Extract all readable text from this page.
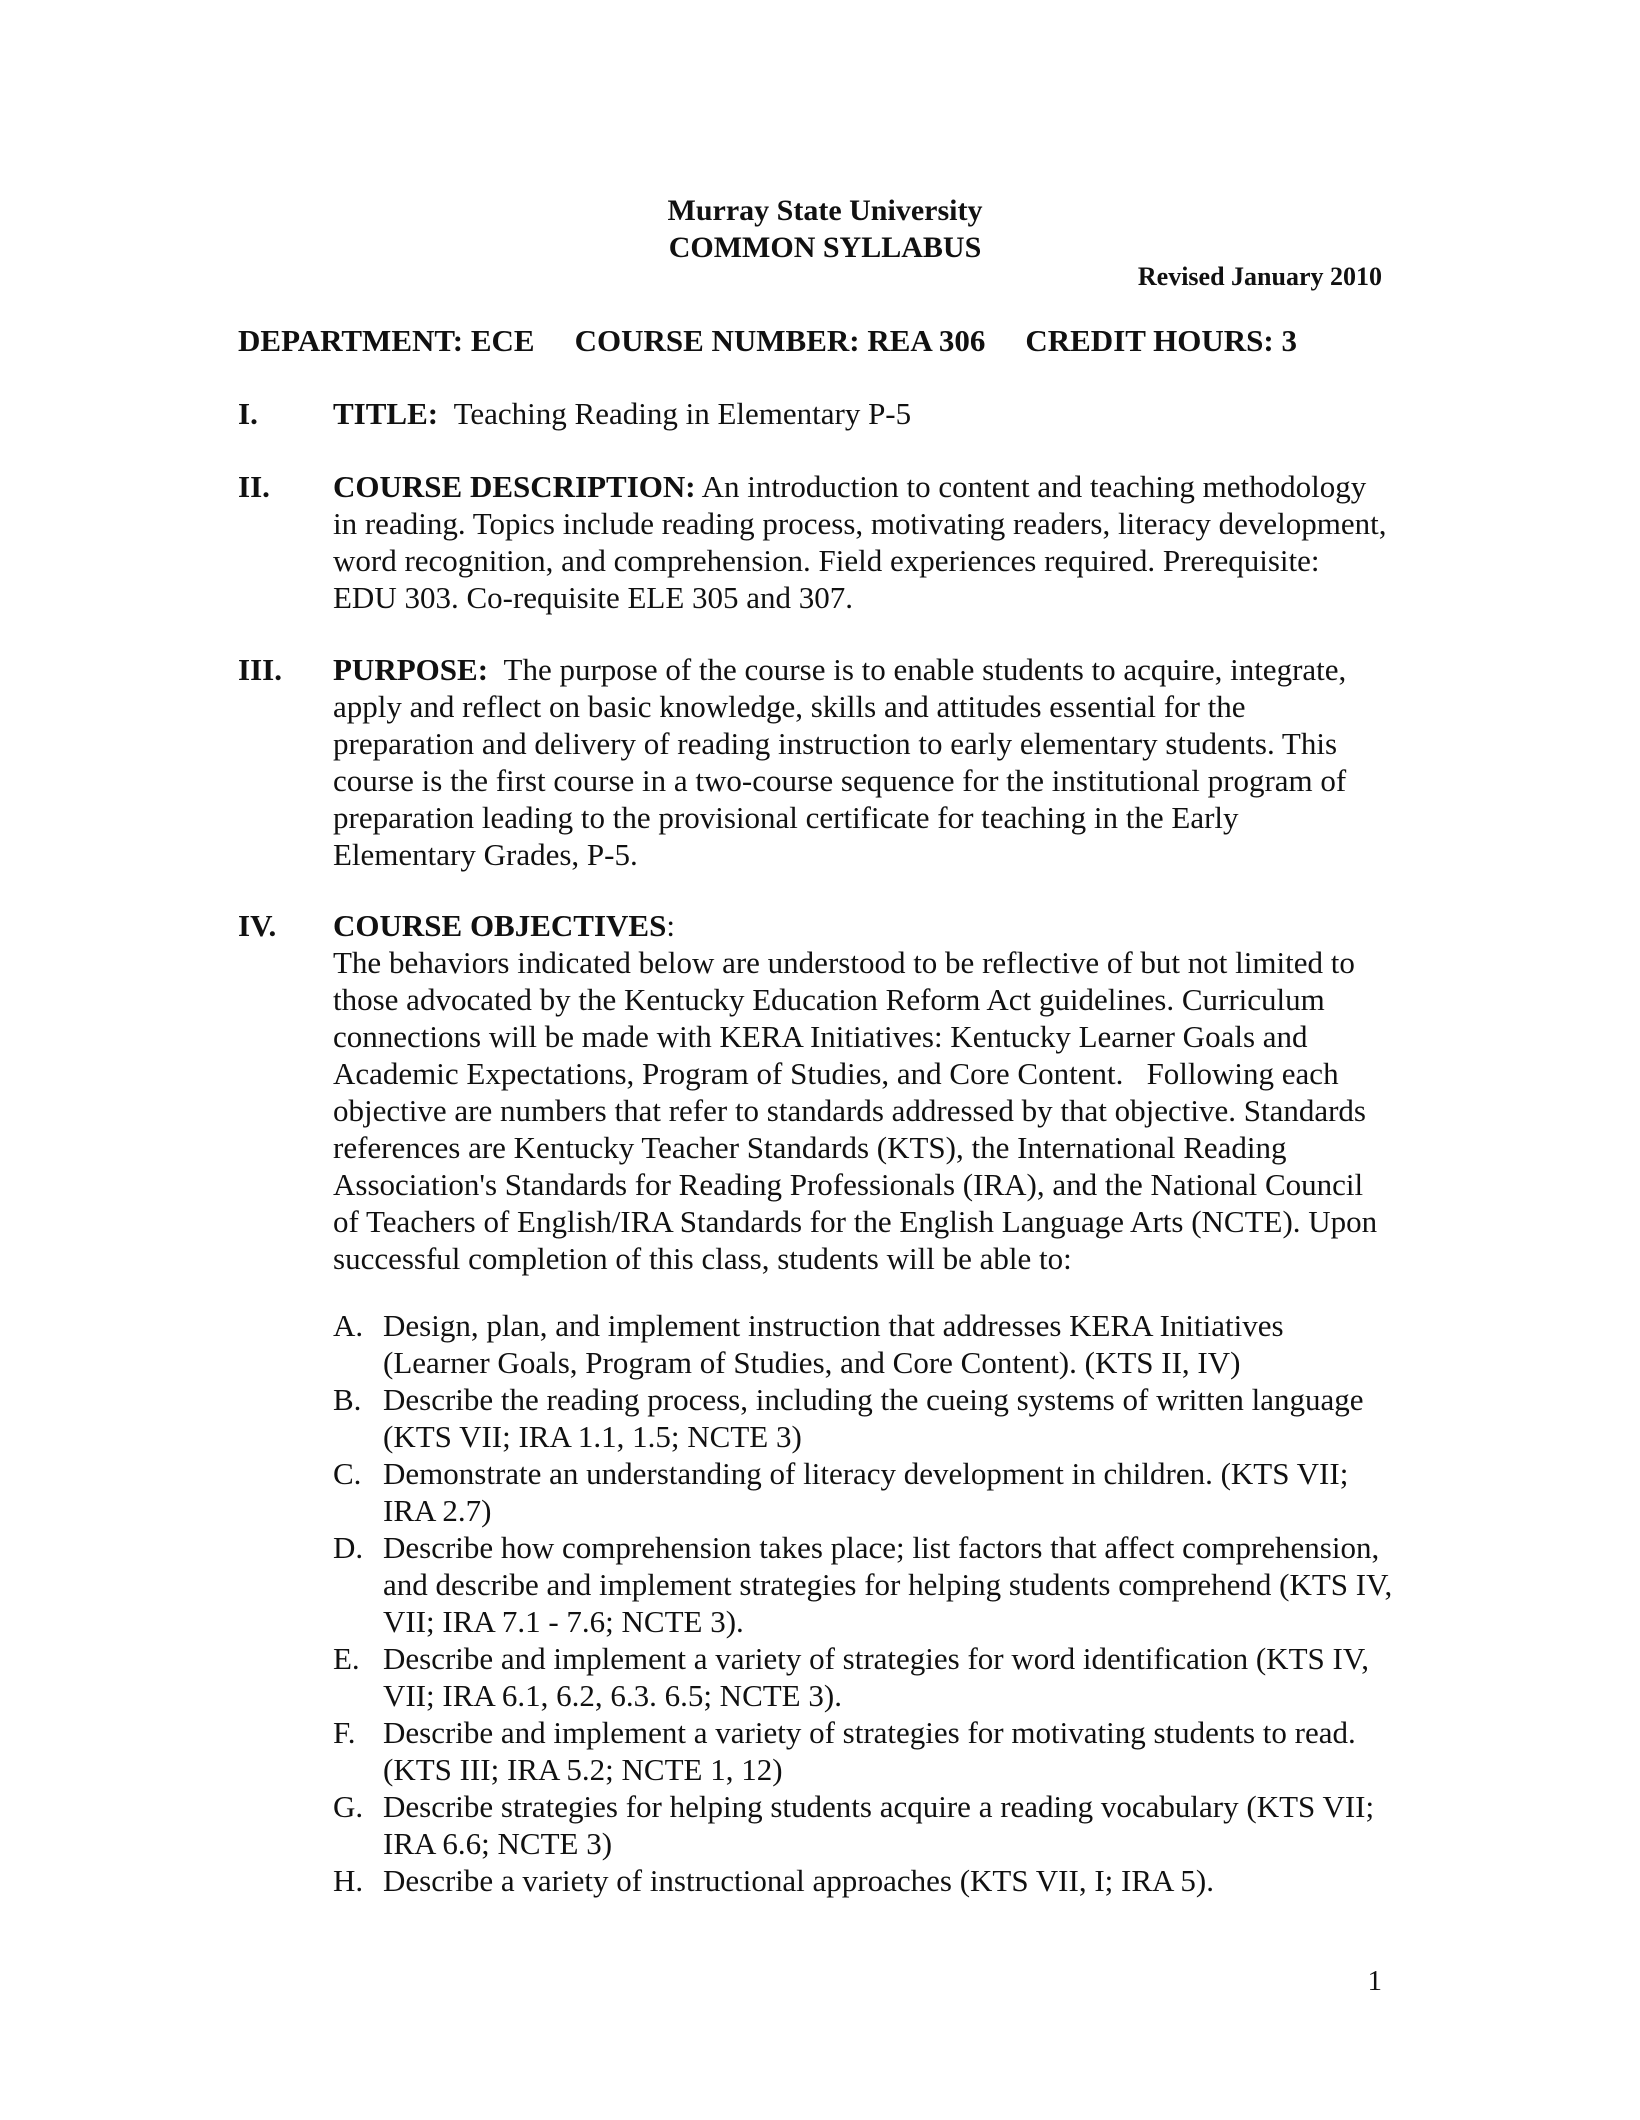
Murray State University
COMMON SYLLABUS
Revised January 2010
DEPARTMENT: ECE COURSE NUMBER: REA 306 CREDIT HOURS: 3
I.	TITLE: Teaching Reading in Elementary P-5
II.	COURSE DESCRIPTION: An introduction to content and teaching methodology in reading. Topics include reading process, motivating readers, literacy development, word recognition, and comprehension. Field experiences required. Prerequisite: EDU 303. Co-requisite ELE 305 and 307.

III.	PURPOSE: The purpose of the course is to enable students to acquire, integrate, apply and reflect on basic knowledge, skills and attitudes essential for the preparation and delivery of reading instruction to early elementary students. This course is the first course in a two-course sequence for the institutional program of preparation leading to the provisional certificate for teaching in the Early Elementary Grades, P-5.

IV.	COURSE OBJECTIVES:

The behaviors indicated below are understood to be reflective of but not limited to those advocated by the Kentucky Education Reform Act guidelines. Curriculum connections will be made with KERA Initiatives: Kentucky Learner Goals and Academic Expectations, Program of Studies, and Core Content.   Following each objective are numbers that refer to standards addressed by that objective. Standards references are Kentucky Teacher Standards (KTS), the International Reading Association's Standards for Reading Professionals (IRA), and the National Council of Teachers of English/IRA Standards for the English Language Arts (NCTE). Upon successful completion of this class, students will be able to:

A. Design, plan, and implement instruction that addresses KERA Initiatives (Learner Goals, Program of Studies, and Core Content). (KTS II, IV)
B. Describe the reading process, including the cueing systems of written language (KTS VII; IRA 1.1, 1.5; NCTE 3)
C. Demonstrate an understanding of literacy development in children. (KTS VII; IRA 2.7)
D. Describe how comprehension takes place; list factors that affect comprehension, and describe and implement strategies for helping students comprehend (KTS IV, VII; IRA 7.1 - 7.6; NCTE 3).
E. Describe and implement a variety of strategies for word identification (KTS IV, VII; IRA 6.1, 6.2, 6.3. 6.5; NCTE 3).
F. Describe and implement a variety of strategies for motivating students to read. (KTS III; IRA 5.2; NCTE 1, 12)
G. Describe strategies for helping students acquire a reading vocabulary (KTS VII; IRA 6.6; NCTE 3)
H. Describe a variety of instructional approaches (KTS VII, I; IRA 5).
1
